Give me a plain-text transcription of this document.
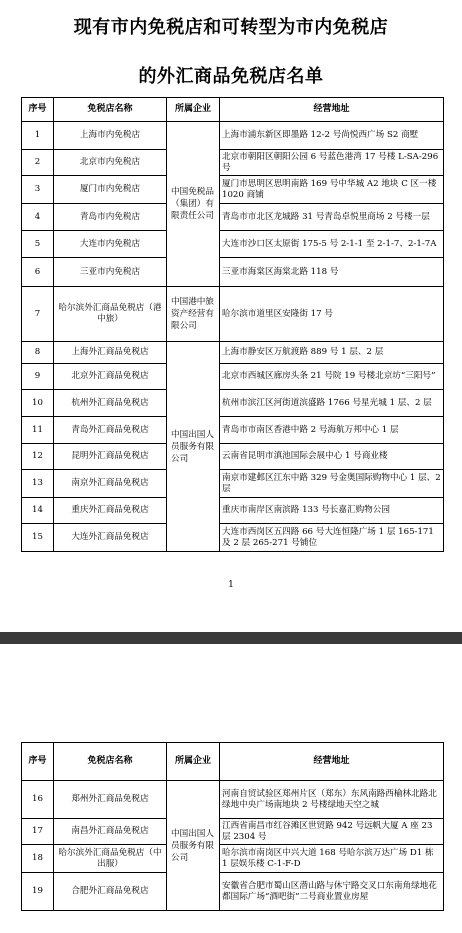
现有市内免税店和可转型为市内免税店
的外汇商品免税店名单
序号	免税店名称	所属企业	经营地址
1	上海市内免税店	中国免税品（集团）有限责任公司	上海市浦东新区即墨路 12-2 号尚悦西广场 S2 商墅
2	北京市内免税店		北京市朝阳区朝阳公园 6 号蓝色港湾 17 号楼 L-SA-296 号
3	厦门市内免税店		厦门市思明区思明南路 169 号中华城 A2 地块 C 区一楼 1020 商铺
4	青岛市内免税店		青岛市市北区龙城路 31 号青岛卓悦里商场 2 号楼一层
5	大连市内免税店		大连市沙口区太原街 175-5 号 2-1-1 至 2-1-7、2-1-7A
6	三亚市内免税店		三亚市海棠区海棠北路 118 号
7	哈尔滨外汇商品免税店（港中旅）	中国港中旅资产经营有限公司	哈尔滨市道里区安隆街 17 号
8	上海外汇商品免税店	中国出国人员服务有限公司	上海市静安区万航渡路 889 号 1 层、2 层
9	北京外汇商品免税店		北京市西城区廊房头条 21 号院 19 号楼北京坊“三阳号”
10	杭州外汇商品免税店		杭州市滨江区河街道滨盛路 1766 号星光城 1 层、2 层
11	青岛外汇商品免税店		青岛市市南区香港中路 2 号海航万邦中心 1 层
12	昆明外汇商品免税店		云南省昆明市滇池国际会展中心 1 号商业楼
13	南京外汇商品免税店		南京市建邺区江东中路 329 号金奥国际购物中心 1 层、2 层
14	重庆外汇商品免税店		重庆市南岸区南滨路 133 号长嘉汇购物公园
15	大连外汇商品免税店		大连市西岗区五四路 66 号大连恒隆广场 1 层 165-171 及 2 层 265-271 号铺位
1
序号	免税店名称	所属企业	经营地址
16	郑州外汇商品免税店	中国出国人员服务有限公司	河南自贸试验区郑州片区（郑东）东风南路西榆林北路北绿地中央广场南地块 2 号楼绿地天空之城
17	南昌外汇商品免税店		江西省南昌市红谷滩区世贸路 942 号远帆大厦 A 座 23 层 2304 号
18	哈尔滨外汇商品免税店（中出服）		哈尔滨市南岗区中兴大道 168 号哈尔滨万达广场 D1 栋 1 层娱乐楼 C-1-F-D
19	合肥外汇商品免税店		安徽省合肥市蜀山区潜山路与休宁路交叉口东南角绿地花都国际广场“酒吧街”二号商业置业房屋
